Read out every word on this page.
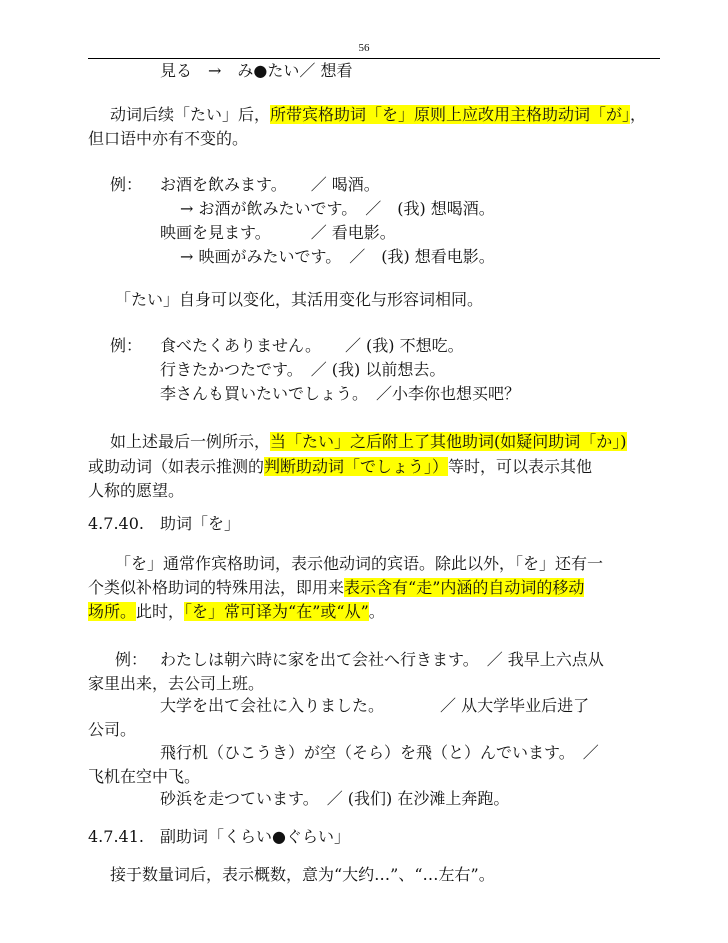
56
見る　→　み●たい／ 想看
动词后续「たい」后，所带宾格助词「を」原则上应改用主格助动词「が」，
但口语中亦有不变的。
例： お酒を飲みます。　　／ 喝酒。
→ お酒が飲みたいです。　／　(我) 想喝酒。
映画を見ます。　　　／ 看电影。
→ 映画がみたいです。　／　(我) 想看电影。
「たい」自身可以变化，其活用变化与形容词相同。
例： 食べたくありません。　　／ (我) 不想吃。
行きたかつたです。　／ (我) 以前想去。
李さんも買いたいでしょう。　／小李你也想买吧？
如上述最后一例所示，当「たい」之后附上了其他助词(如疑问助词「か」)
或助动词（如表示推测的判断助动词「でしょう」）等时，可以表示其他
人称的愿望。
4.7.40.　助词「を」
「を」通常作宾格助词，表示他动词的宾语。除此以外，「を」还有一
个类似补格助词的特殊用法，即用来表示含有“走”内涵的自动词的移动
场所。此时，「を」常可译为“在”或“从”。
例： わたしは朝六時に家を出て会社へ行きます。　／ 我早上六点从
家里出来，去公司上班。
大学を出て会社に入りました。　　　　／ 从大学毕业后进了
公司。
飛行机（ひこうき）が空（そら）を飛（と）んでいます。　／
飞机在空中飞。
砂浜を走つています。　／ (我们) 在沙滩上奔跑。
4.7.41.　副助词「くらい●ぐらい」
接于数量词后，表示概数，意为“大约…”、“…左右”。
